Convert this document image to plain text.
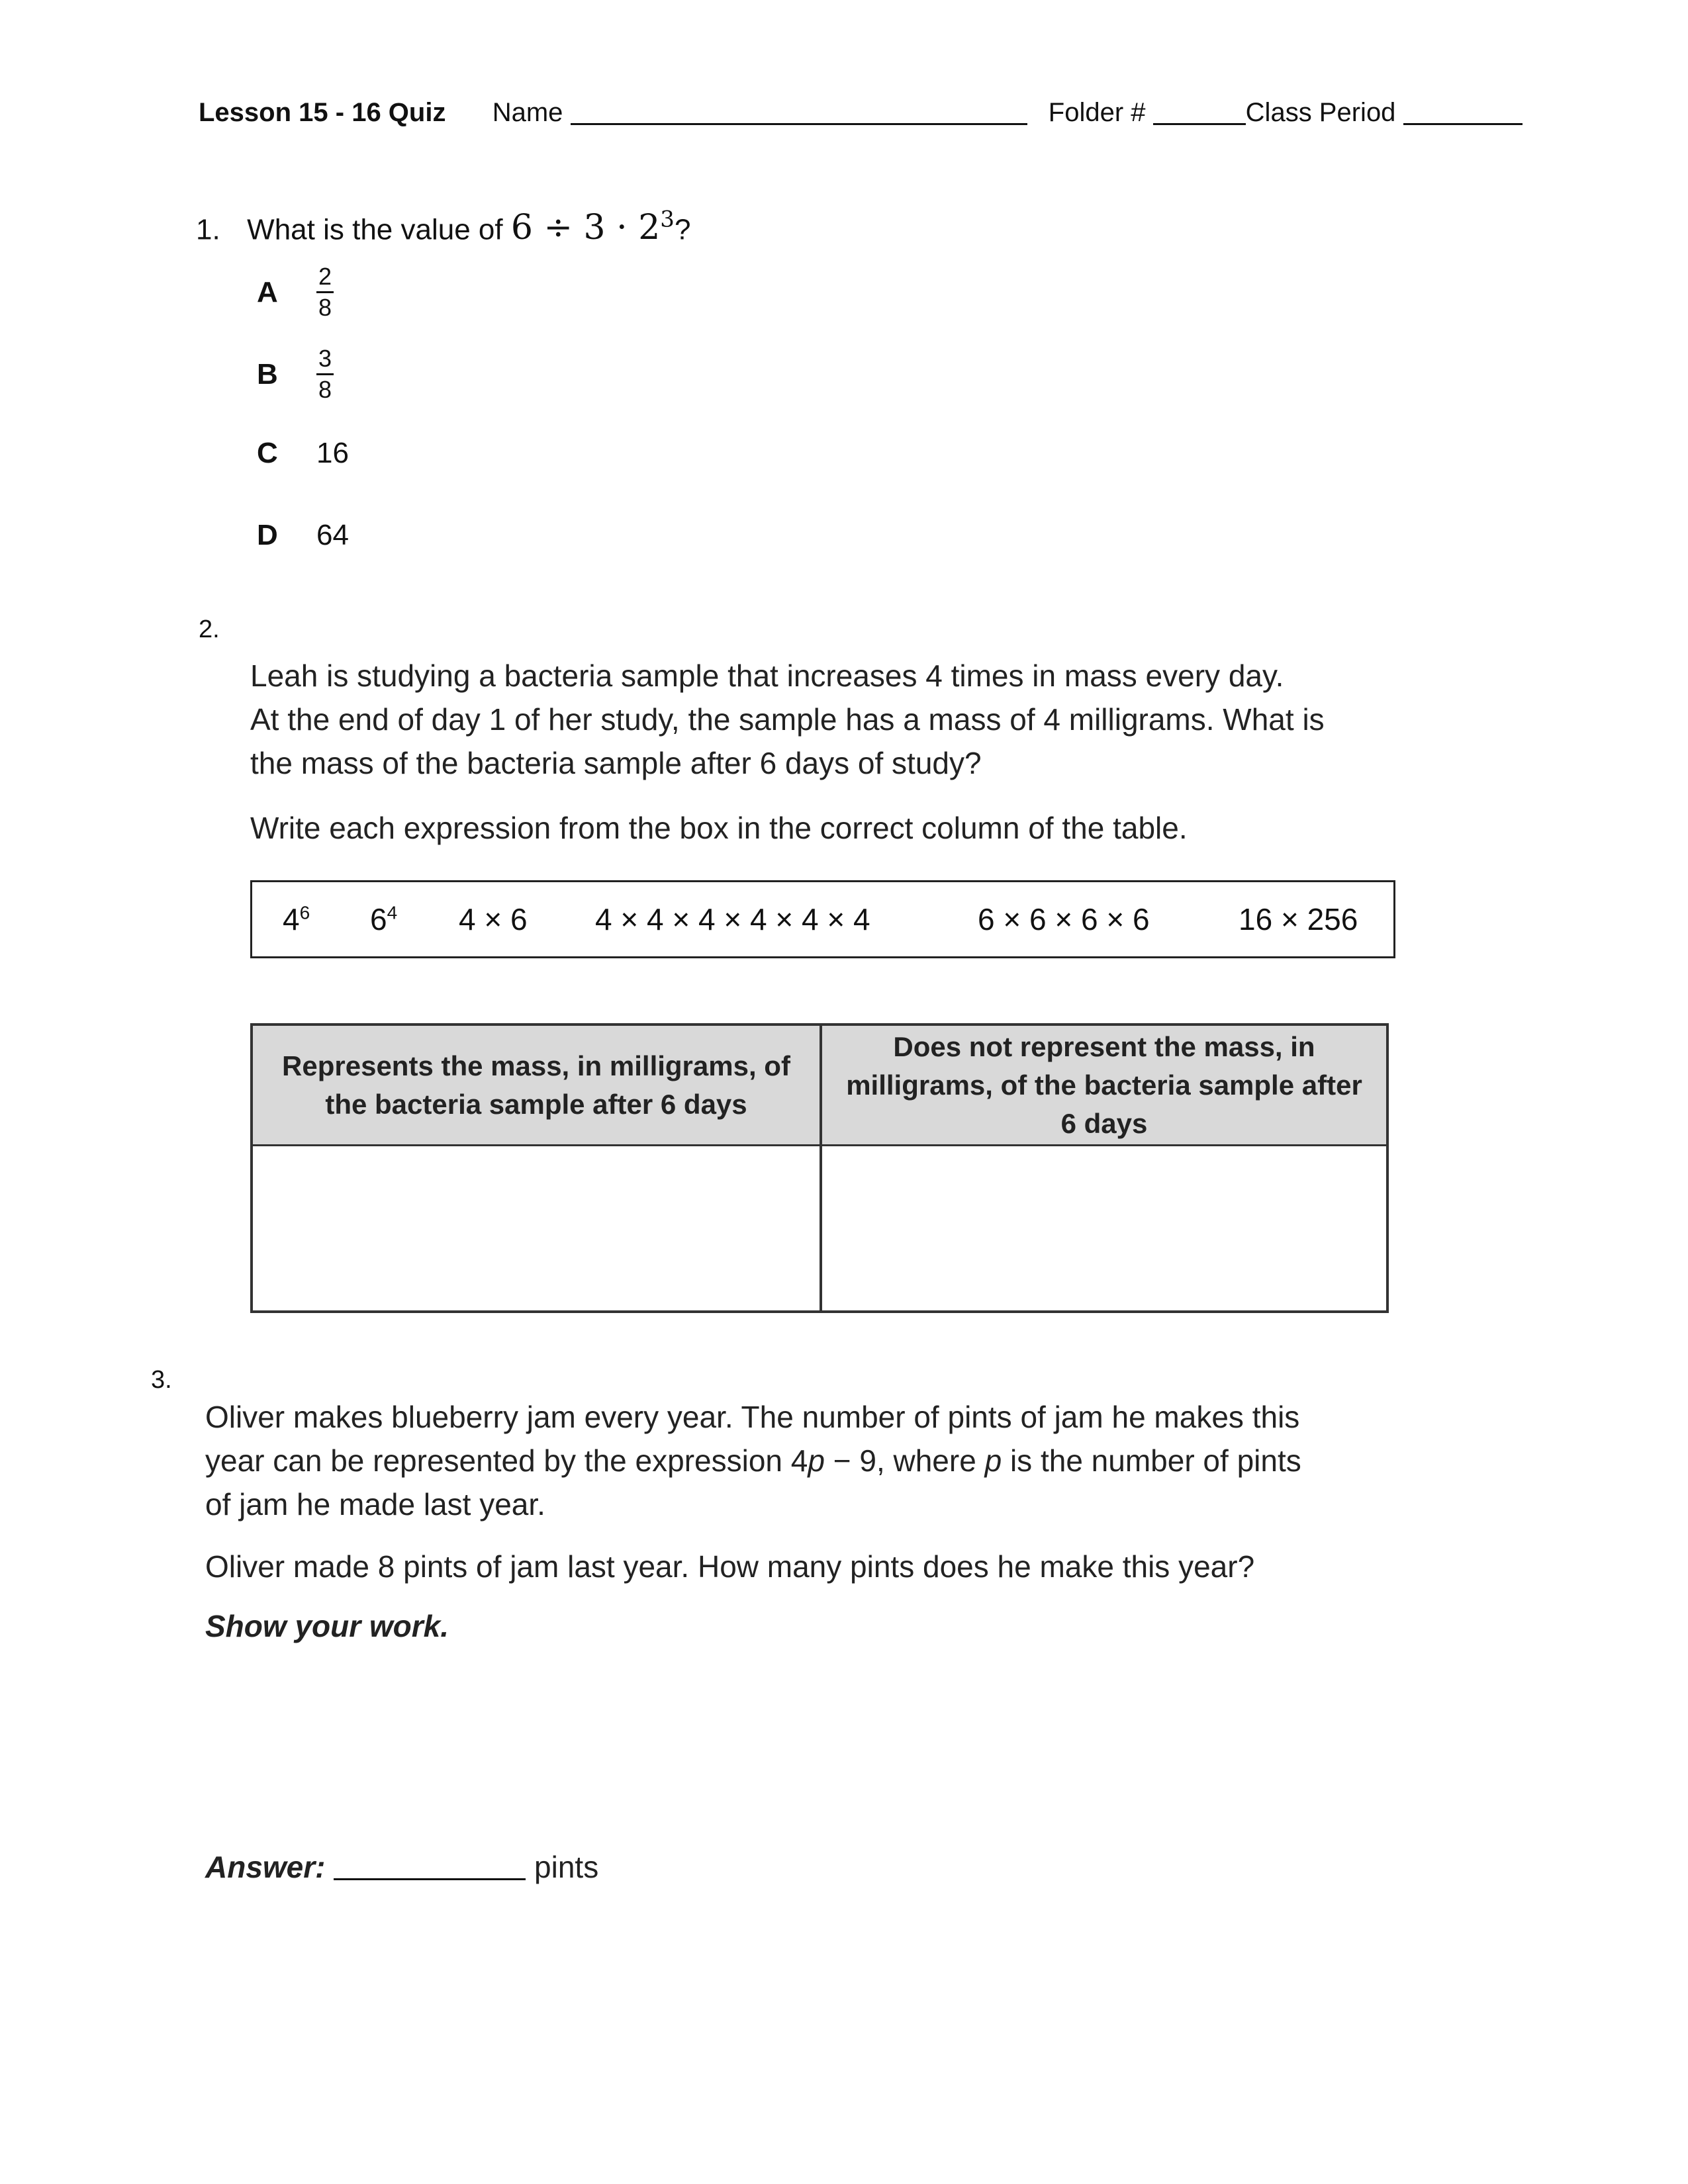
Lesson 15 - 16 Quiz Name	Folder #	Class Period
1. What is the value of $6 \div 3 \cdot 2^3$?
A	$\frac{2}{8}$
B	$\frac{3}{8}$
C	16
D	64
2.
Leah is studying a bacteria sample that increases 4 times in mass every day.
At the end of day 1 of her study, the sample has a mass of 4 milligrams. What is
the mass of the bacteria sample after 6 days of study?
Write each expression from the box in the correct column of the table.
$4^6$ $6^4$ 4 × 6 4 × 4 × 4 × 4 × 4 × 4	6 × 6 × 6 × 6	16 × 256
Represents the mass, in milligrams, of the bacteria sample after 6 days
Does not represent the mass, in milligrams, of the bacteria sample after 6 days
3.
Oliver makes blueberry jam every year. The number of pints of jam he makes this
year can be represented by the expression 4p − 9, where p is the number of pints
of jam he made last year.
Oliver made 8 pints of jam last year. How many pints does he make this year?
Show your work.
Answer:	pints
